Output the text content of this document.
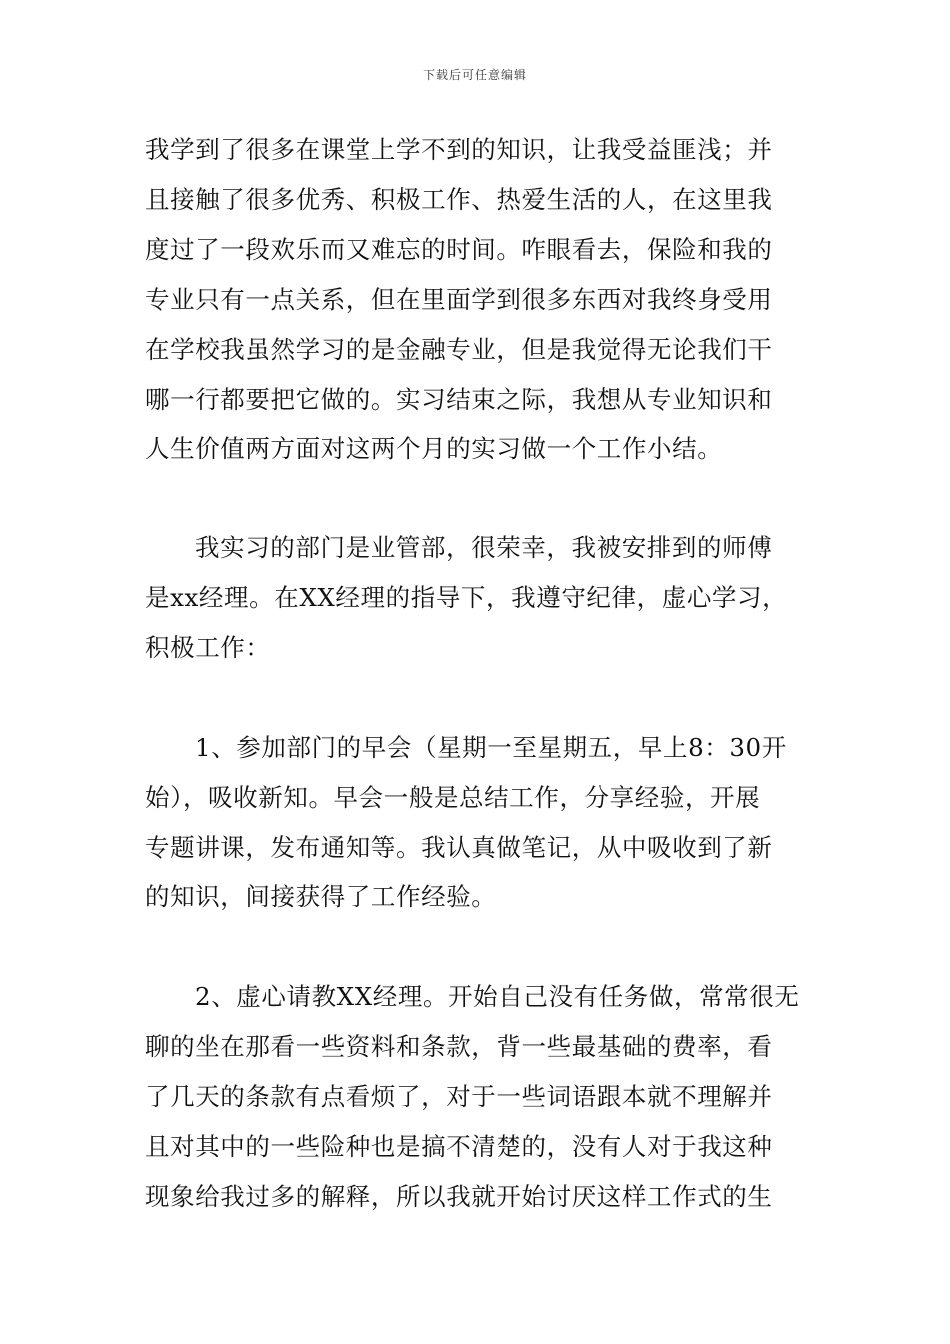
下载后可任意编辑
我学到了很多在课堂上学不到的知识，让我受益匪浅；并
且接触了很多优秀、积极工作、热爱生活的人，在这里我
度过了一段欢乐而又难忘的时间。咋眼看去，保险和我的
专业只有一点关系，但在里面学到很多东西对我终身受用
在学校我虽然学习的是金融专业，但是我觉得无论我们干
哪一行都要把它做的。实习结束之际，我想从专业知识和
人生价值两方面对这两个月的实习做一个工作小结。
我实习的部门是业管部，很荣幸，我被安排到的师傅
是xx经理。在XX经理的指导下，我遵守纪律，虚心学习，
积极工作：
1、参加部门的早会（星期一至星期五，早上8：30开
始），吸收新知。早会一般是总结工作，分享经验，开展
专题讲课，发布通知等。我认真做笔记，从中吸收到了新
的知识，间接获得了工作经验。
2、虚心请教XX经理。开始自己没有任务做，常常很无
聊的坐在那看一些资料和条款，背一些最基础的费率，看
了几天的条款有点看烦了，对于一些词语跟本就不理解并
且对其中的一些险种也是搞不清楚的，没有人对于我这种
现象给我过多的解释，所以我就开始讨厌这样工作式的生
